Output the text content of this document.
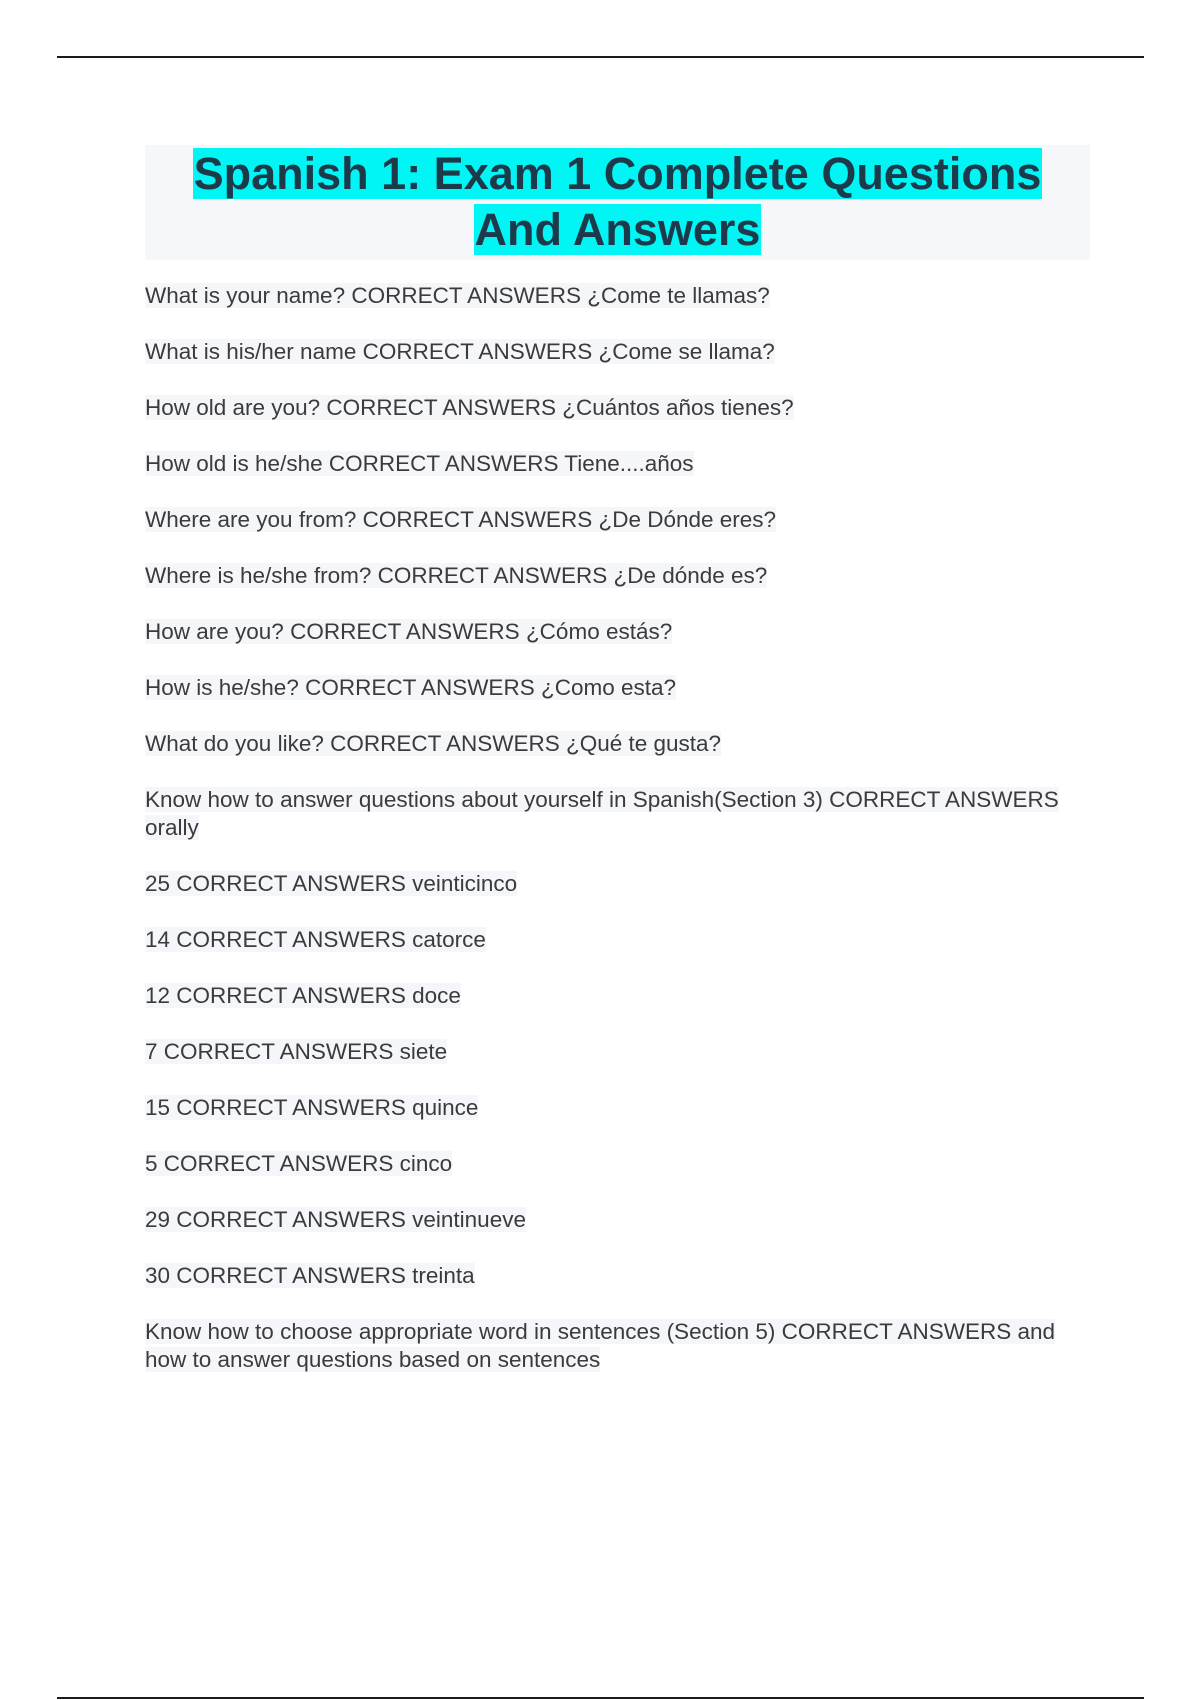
Spanish 1: Exam 1 Complete Questions
And Answers
What is your name? CORRECT ANSWERS ¿Come te llamas?
What is his/her name CORRECT ANSWERS ¿Come se llama?
How old are you? CORRECT ANSWERS ¿Cuántos años tienes?
How old is he/she CORRECT ANSWERS Tiene....años
Where are you from? CORRECT ANSWERS ¿De Dónde eres?
Where is he/she from? CORRECT ANSWERS ¿De dónde es?
How are you? CORRECT ANSWERS ¿Cómo estás?
How is he/she? CORRECT ANSWERS ¿Como esta?
What do you like? CORRECT ANSWERS ¿Qué te gusta?
Know how to answer questions about yourself in Spanish(Section 3) CORRECT ANSWERS orally
25 CORRECT ANSWERS veinticinco
14 CORRECT ANSWERS catorce
12 CORRECT ANSWERS doce
7 CORRECT ANSWERS siete
15 CORRECT ANSWERS quince
5 CORRECT ANSWERS cinco
29 CORRECT ANSWERS veintinueve
30 CORRECT ANSWERS treinta
Know how to choose appropriate word in sentences (Section 5) CORRECT ANSWERS and how to answer questions based on sentences
